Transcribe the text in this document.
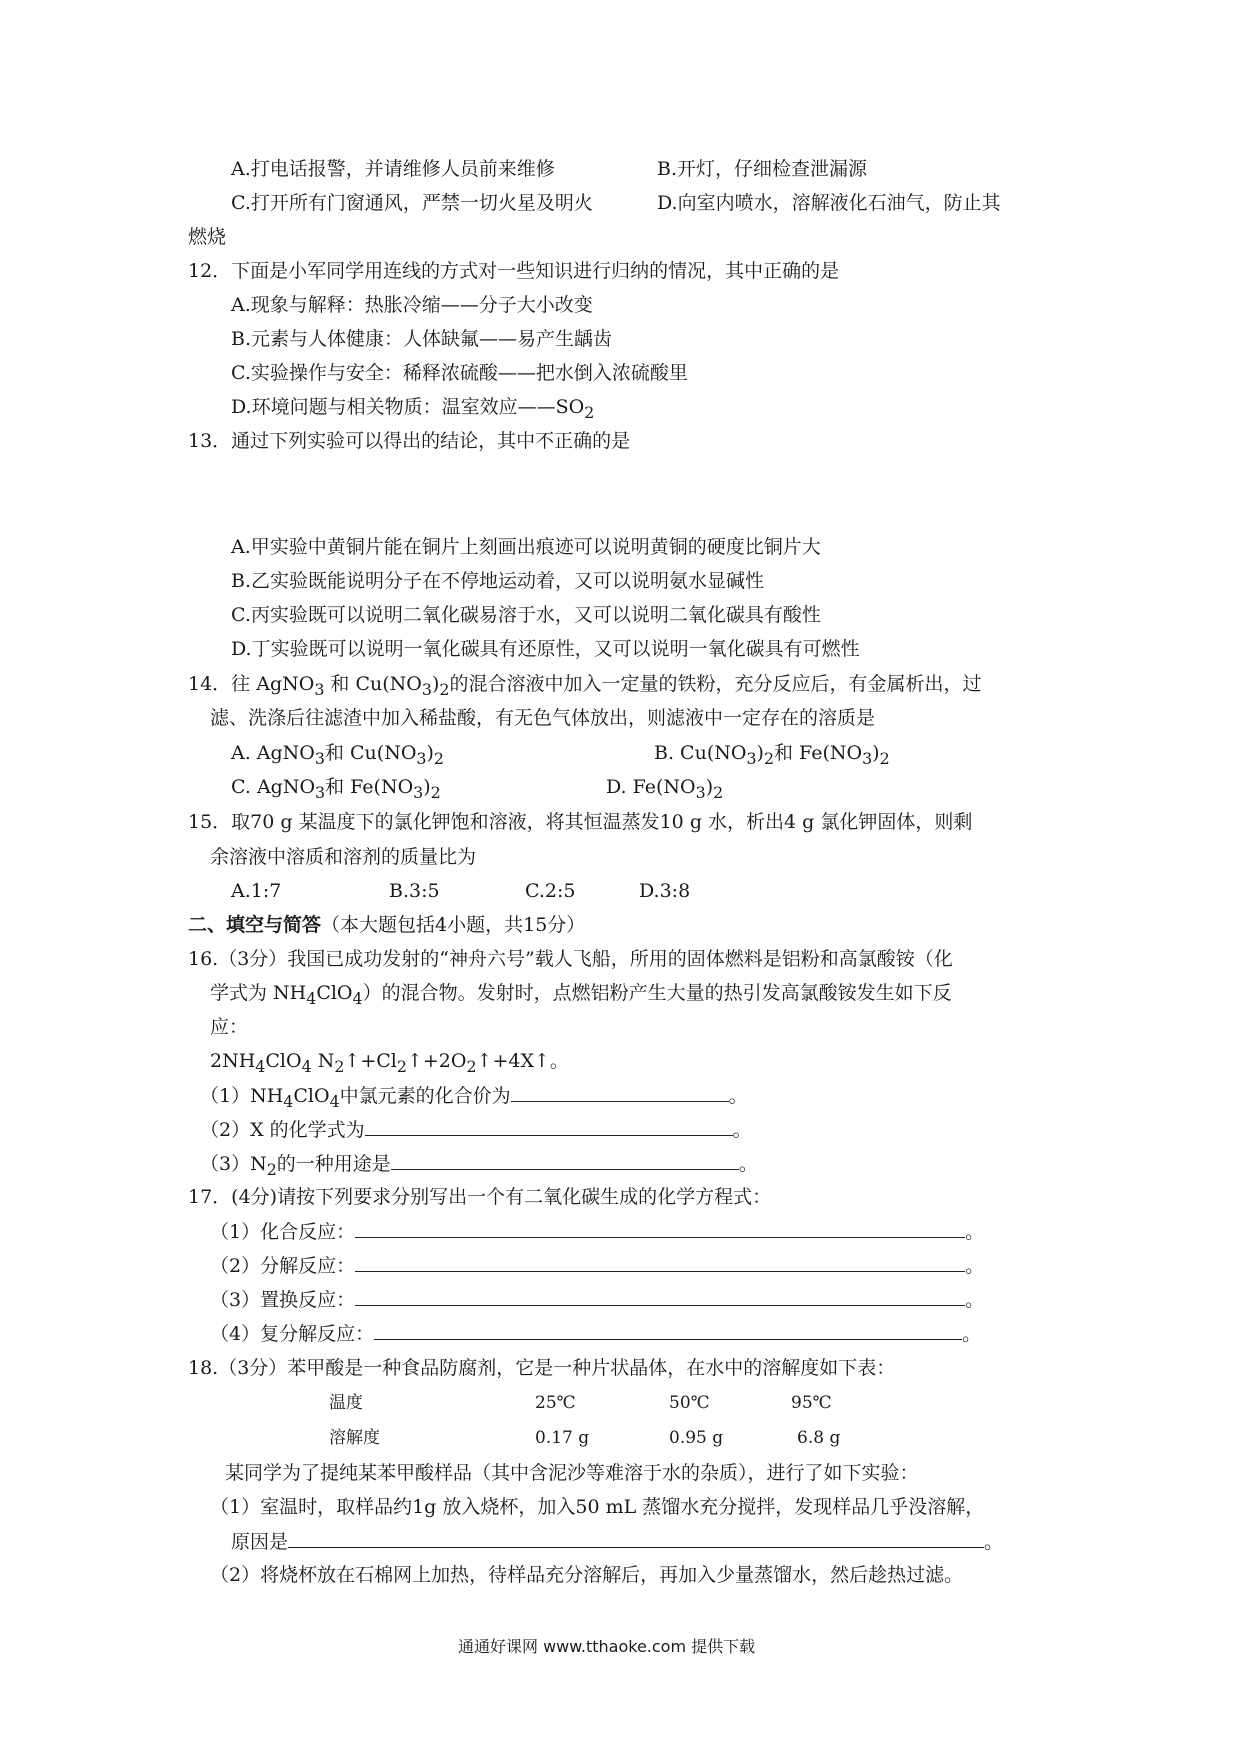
A.打电话报警，并请维修人员前来维修	B.开灯，仔细检查泄漏源
C.打开所有门窗通风，严禁一切火星及明火	D.向室内喷水，溶解液化石油气，防止其
燃烧
12．下面是小军同学用连线的方式对一些知识进行归纳的情况，其中正确的是
A.现象与解释：热胀冷缩——分子大小改变
B.元素与人体健康：人体缺氟——易产生龋齿
C.实验操作与安全：稀释浓硫酸——把水倒入浓硫酸里
D.环境问题与相关物质：温室效应$——SO_2$
13．通过下列实验可以得出的结论，其中不正确的是
A.甲实验中黄铜片能在铜片上刻画出痕迹可以说明黄铜的硬度比铜片大
B.乙实验既能说明分子在不停地运动着，又可以说明氨水显碱性
C.丙实验既可以说明二氧化碳易溶于水，又可以说明二氧化碳具有酸性
D.丁实验既可以说明一氧化碳具有还原性，又可以说明一氧化碳具有可燃性
14．往 AgNO$_3$ 和 $Cu(NO_3)_2$的混合溶液中加入一定量的铁粉，充分反应后，有金属析出，过
滤、洗涤后往滤渣中加入稀盐酸，有无色气体放出，则滤液中一定存在的溶质是
A. AgNO$_3$和 $Cu(NO_3)_2$	B. $Cu(NO_3)_2$和 $Fe(NO_3)_2$
C. AgNO$_3$和 $Fe(NO_3)_2$	D. $Fe(NO_3)_2$
15．取70 g 某温度下的氯化钾饱和溶液，将其恒温蒸发10 g 水，析出4 g 氯化钾固体，则剩
余溶液中溶质和溶剂的质量比为
A.1:7	B.3:5	C.2:5	D.3:8
二、填空与简答（本大题包括4小题，共15分）
16.（3分）我国已成功发射的“神舟六号”载人飞船，所用的固体燃料是铝粉和高氯酸铵（化
学式为 $NH_4ClO_4$）的混合物。发射时，点燃铝粉产生大量的热引发高氯酸铵发生如下反
应：
$2NH_4ClO_4$ $N_2↑+Cl_2↑+2O_2↑+4X↑$。
$(1)NH_4ClO_4$中氯元素的化合价为	。
（2）X 的化学式为	。
$(3)N_2$的一种用途是	。
17．(4分)请按下列要求分别写出一个有二氧化碳生成的化学方程式：
（1）化合反应：	。
（2）分解反应：	。
（3）置换反应：	。
（4）复分解反应：	。
18.（3分）苯甲酸是一种食品防腐剂，它是一种片状晶体，在水中的溶解度如下表：
温度	25℃	50℃	95℃
溶解度	0.17 g	0.95 g	6.8 g
某同学为了提纯某苯甲酸样品（其中含泥沙等难溶于水的杂质），进行了如下实验：
（1）室温时，取样品约1g 放入烧杯，加入50 mL 蒸馏水充分搅拌，发现样品几乎没溶解，
原因是	。
（2）将烧杯放在石棉网上加热，待样品充分溶解后，再加入少量蒸馏水，然后趁热过滤。
通通好课网 www.tthaoke.com 提供下载
